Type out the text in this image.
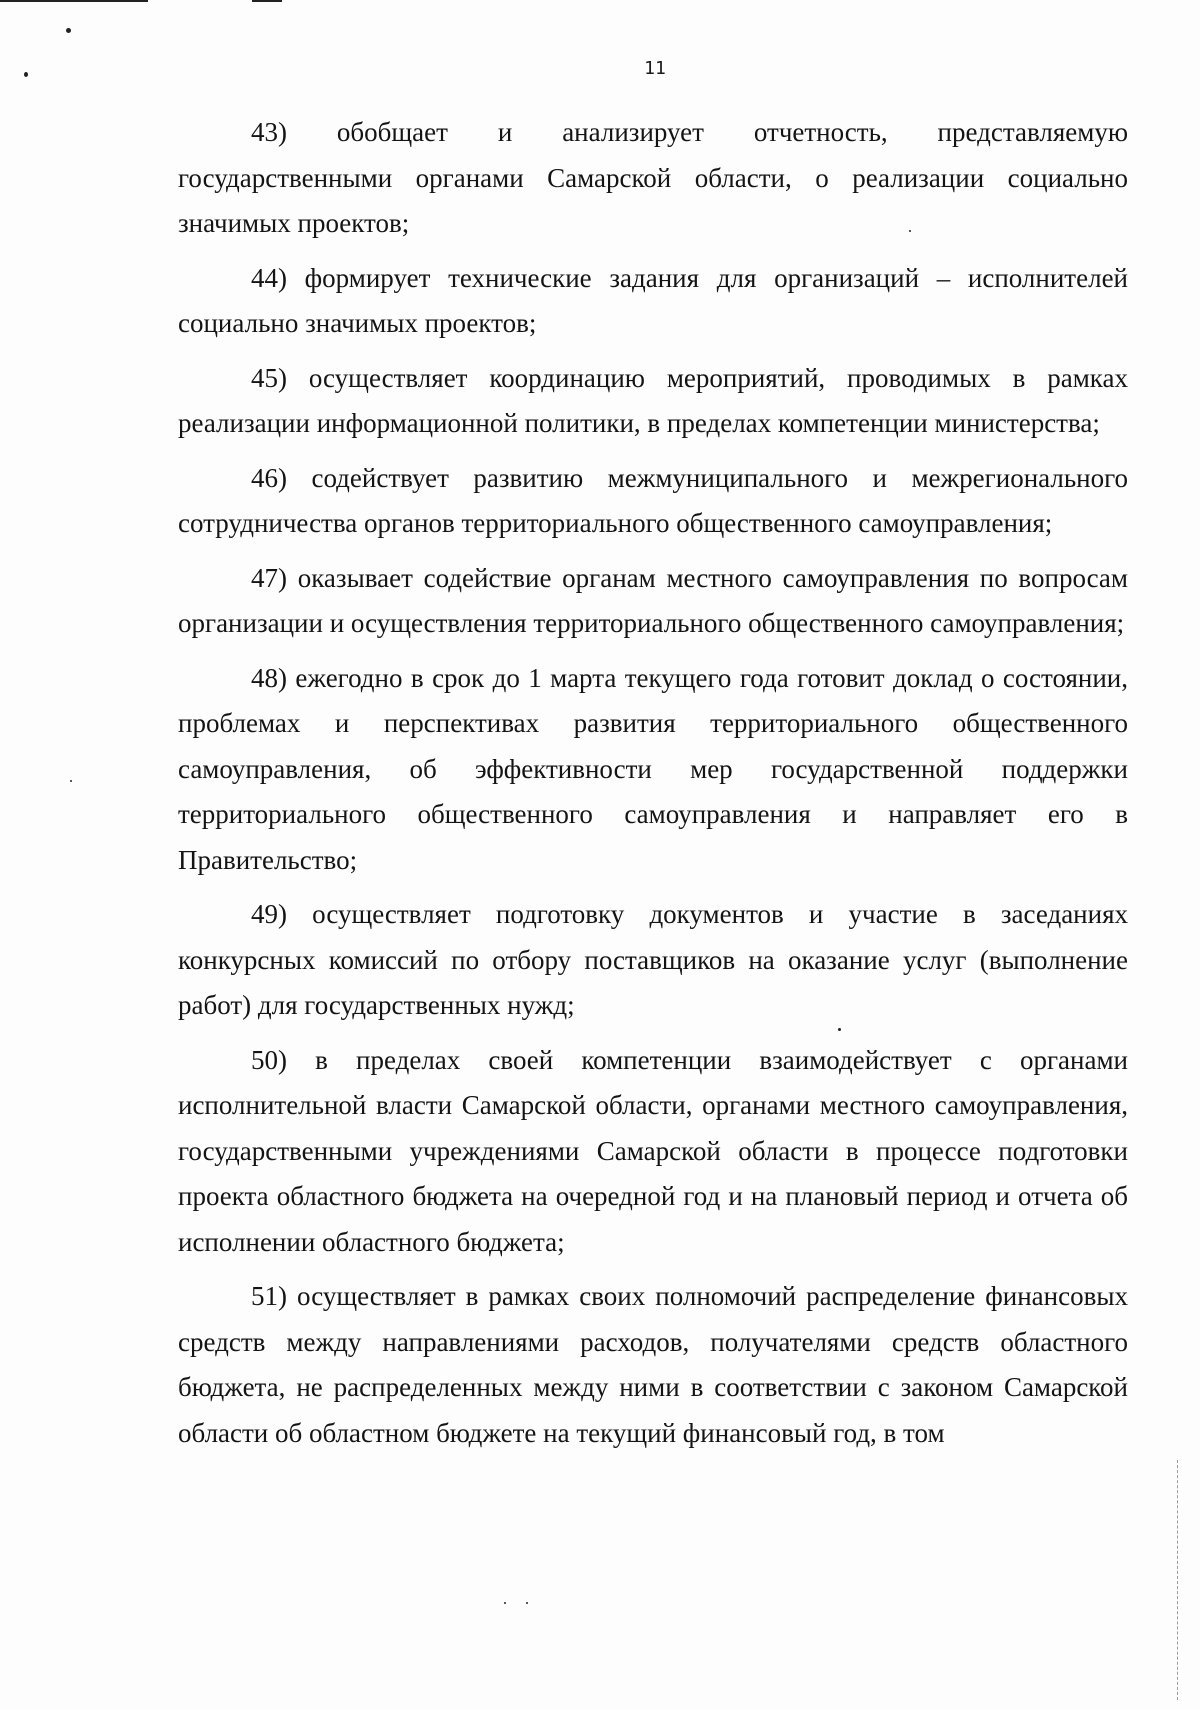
11

43) обобщает и анализирует отчетность, представляемую государственными органами Самарской области, о реализации социально значимых проектов;

44) формирует технические задания для организаций – исполнителей социально значимых проектов;

45) осуществляет координацию мероприятий, проводимых в рамках реализации информационной политики, в пределах компетенции министерства;

46) содействует развитию межмуниципального и межрегионального сотрудничества органов территориального общественного самоуправления;

47) оказывает содействие органам местного самоуправления по вопросам организации и осуществления территориального общественного самоуправления;

48) ежегодно в срок до 1 марта текущего года готовит доклад о состоянии, проблемах и перспективах развития территориального общественного самоуправления, об эффективности мер государственной поддержки территориального общественного самоуправления и направляет его в Правительство;

49) осуществляет подготовку документов и участие в заседаниях конкурсных комиссий по отбору поставщиков на оказание услуг (выполнение работ) для государственных нужд;

50) в пределах своей компетенции взаимодействует с органами исполнительной власти Самарской области, органами местного самоуправления, государственными учреждениями Самарской области в процессе подготовки проекта областного бюджета на очередной год и на плановый период и отчета об исполнении областного бюджета;

51) осуществляет в рамках своих полномочий распределение финансовых средств между направлениями расходов, получателями средств областного бюджета, не распределенных между ними в соответствии с законом Самарской области об областном бюджете на текущий финансовый год, в том
